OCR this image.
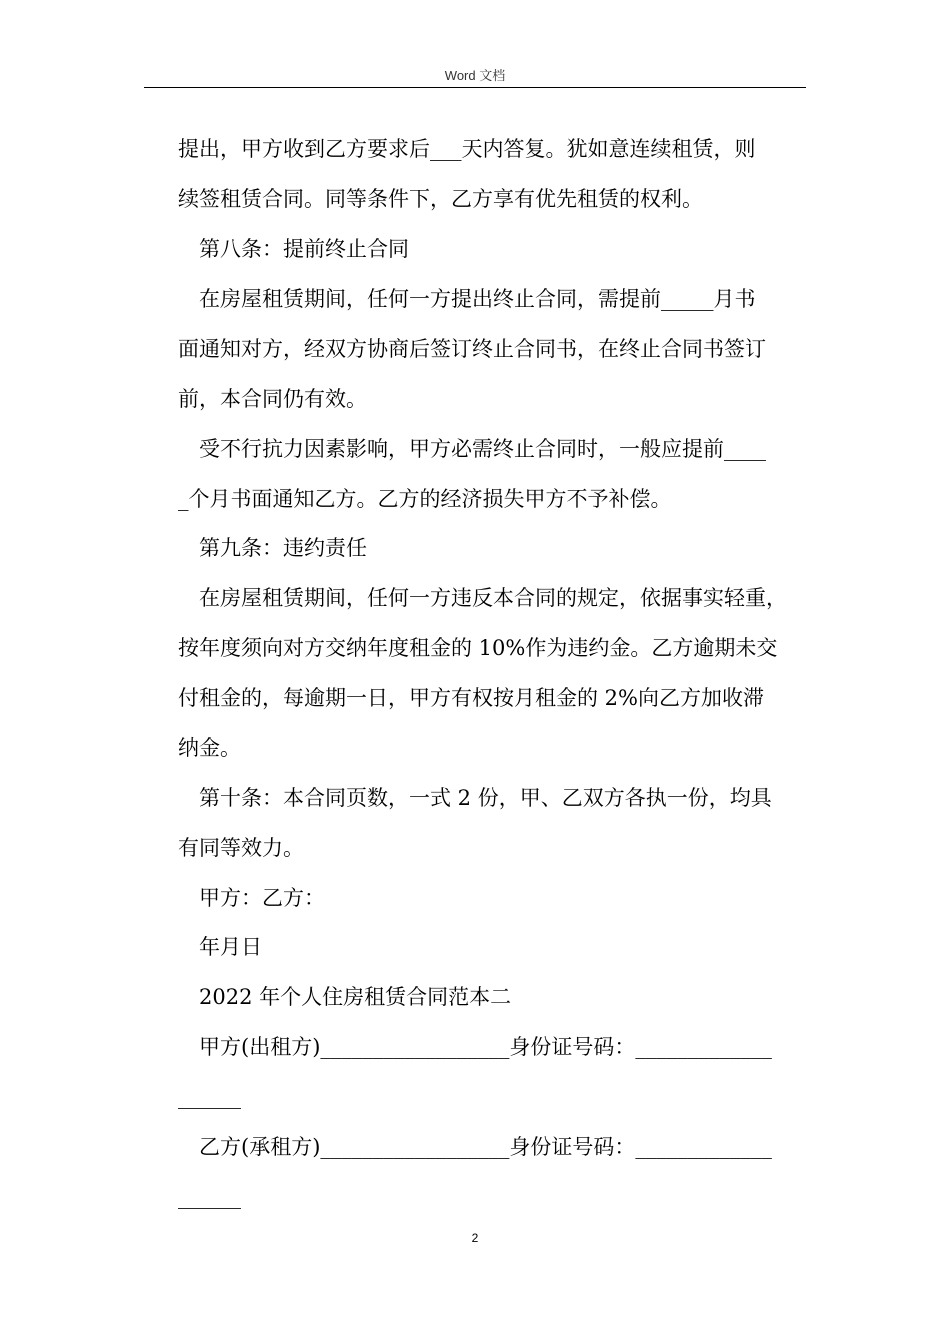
Word 文档
提出，甲方收到乙方要求后___天内答复。犹如意连续租赁，则
续签租赁合同。同等条件下，乙方享有优先租赁的权利。
第八条：提前终止合同
在房屋租赁期间，任何一方提出终止合同，需提前_____月书
面通知对方，经双方协商后签订终止合同书，在终止合同书签订
前，本合同仍有效。
受不行抗力因素影响，甲方必需终止合同时，一般应提前____
_个月书面通知乙方。乙方的经济损失甲方不予补偿。
第九条：违约责任
在房屋租赁期间，任何一方违反本合同的规定，依据事实轻重，
按年度须向对方交纳年度租金的 10%作为违约金。乙方逾期未交
付租金的，每逾期一日，甲方有权按月租金的 2%向乙方加收滞
纳金。
第十条：本合同页数，一式 2 份，甲、乙双方各执一份，均具
有同等效力。
甲方：乙方：
年月日
2022 年个人住房租赁合同范本二
甲方(出租方)__________________身份证号码：_____________
______
乙方(承租方)__________________身份证号码：_____________
______
2
